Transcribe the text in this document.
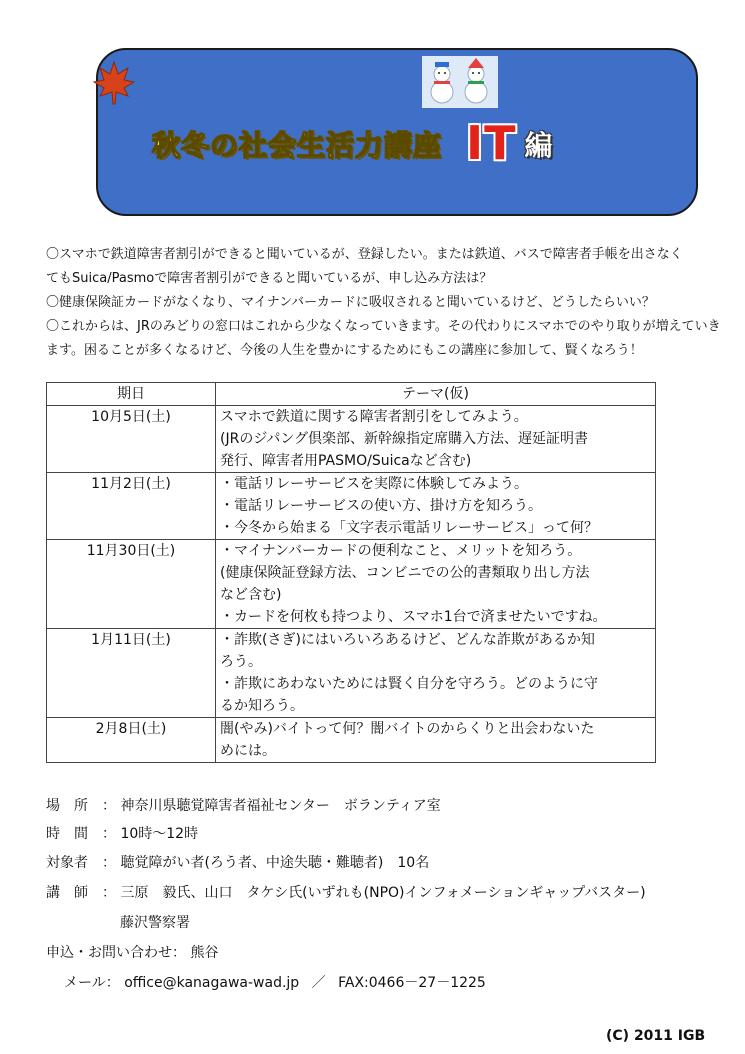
秋冬の社会生活力講座 IT 編
〇スマホで鉄道障害者割引ができると聞いているが、登録したい。または鉄道、バスで障害者手帳を出さなく
てもSuica/Pasmoで障害者割引ができると聞いているが、申し込み方法は？
〇健康保険証カードがなくなり、マイナンバーカードに吸収されると聞いているけど、どうしたらいい？
〇これからは、JRのみどりの窓口はこれから少なくなっていきます。その代わりにスマホでのやり取りが増えていき
ます。困ることが多くなるけど、今後の人生を豊かにするためにもこの講座に参加して、賢くなろう！
期日	テーマ(仮)
10月5日(土)	スマホで鉄道に関する障害者割引をしてみよう。
(JRのジパング倶楽部、新幹線指定席購入方法、遅延証明書
発行、障害者用PASMO/Suicaなど含む)

11月2日(土)	・電話リレーサービスを実際に体験してみよう。
・電話リレーサービスの使い方、掛け方を知ろう。
・今冬から始まる「文字表示電話リレーサービス」って何？

11月30日(土)	・マイナンバーカードの便利なこと、メリットを知ろう。
(健康保険証登録方法、コンビニでの公的書類取り出し方法
など含む)
・カードを何枚も持つより、スマホ1台で済ませたいですね。

1月11日(土)	・詐欺(さぎ)にはいろいろあるけど、どんな詐欺があるか知
ろう。
・詐欺にあわないためには賢く自分を守ろう。どのように守
るか知ろう。

2月8日(土)	闇(やみ)バイトって何？闇バイトのからくりと出会わないた
めには。
場　所　： 神奈川県聴覚障害者福祉センター　ボランティア室
時　間　： 10時～12時
対象者　： 聴覚障がい者(ろう者、中途失聴・難聴者)　10名
講　師　： 三原　毅氏、山口　タケシ氏(いずれも(NPO)インフォメーションギャップバスター)
藤沢警察署
申込・お問い合わせ： 熊谷
メール： office@kanagawa-wad.jp ／ FAX:0466－27－1225
(C) 2011 IGB
